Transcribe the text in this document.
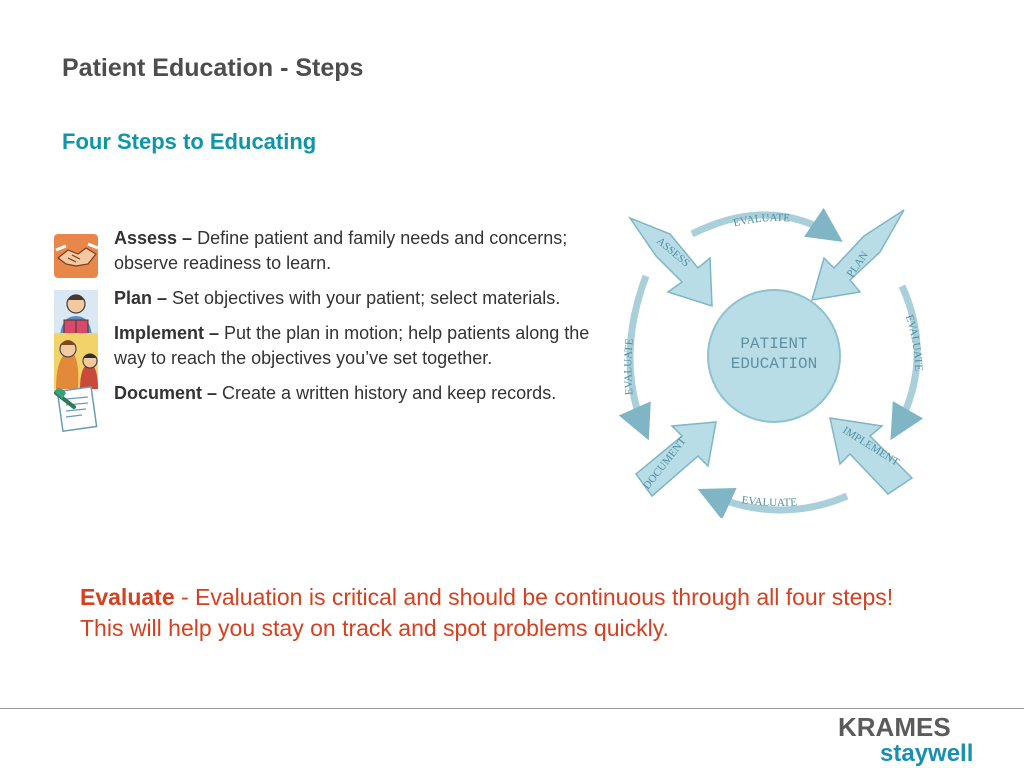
Patient Education - Steps
Four Steps to Educating
Assess – Define patient and family needs and concerns; observe readiness to learn.
Plan – Set objectives with your patient; select materials.
Implement – Put the plan in motion; help patients along the way to reach the objectives you’ve set together.
Document – Create a written history and keep records.
PATIENT
EDUCATION
EVALUATE
ASSESS	PLAN
EVALUATE
EVALUATE
IMPLEMENT
EVALUATE
DOCUMENT

Evaluate - Evaluation is critical and should be continuous through all four steps! This will help you stay on track and spot problems quickly.

KRAMES
staywell
